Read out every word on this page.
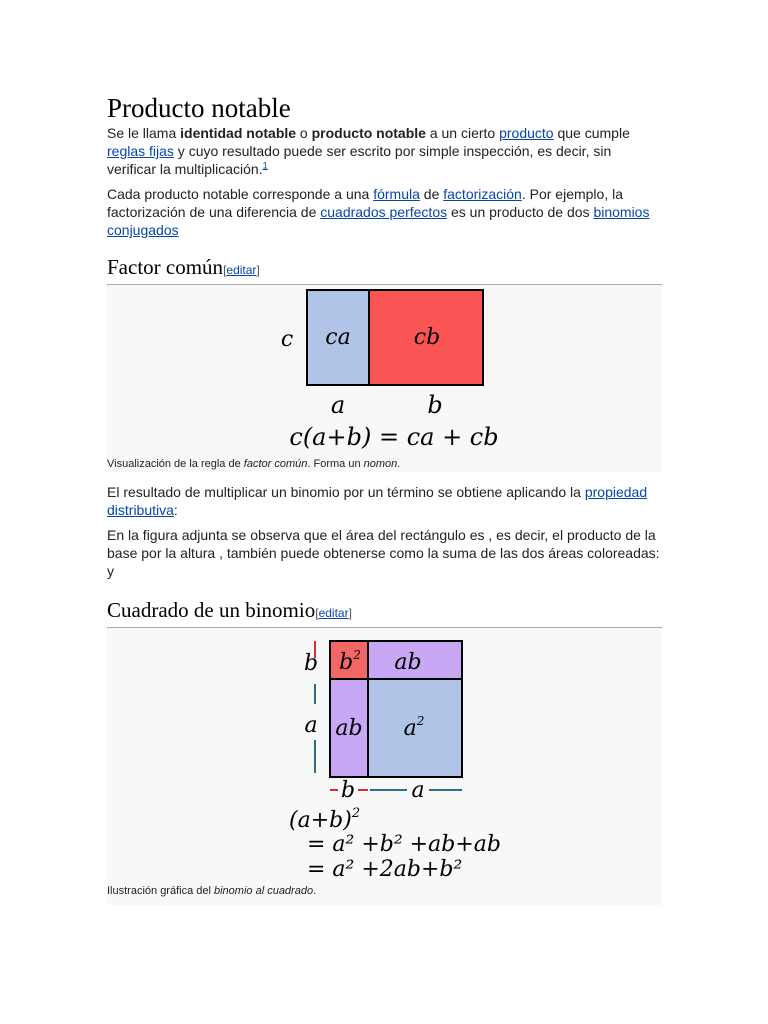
Producto notable

Se le llama identidad notable o producto notable a un cierto producto que cumple reglas fijas y cuyo resultado puede ser escrito por simple inspección, es decir, sin verificar la multiplicación.$^1$

Cada producto notable corresponde a una fórmula de factorización. Por ejemplo, la factorización de una diferencia de cuadrados perfectos es un producto de dos binomios conjugados

Factor común[editar]
c ca	cb
a	b
c(a+b) = ca + cb
Visualización de la regla de factor común. Forma un nomon.

El resultado de multiplicar un binomio por un término se obtiene aplicando la propiedad distributiva:

En la figura adjunta se observa que el área del rectángulo es , es decir, el producto de la base por la altura , también puede obtenerse como la suma de las dos áreas coloreadas: y

Cuadrado de un binomio[editar]
b
a
$b^2$ ab
ab $a^2$
b	a
$(a+b)^2$
= a² +b² +ab+ab
= a² +2ab+b²
Ilustración gráfica del binomio al cuadrado.
